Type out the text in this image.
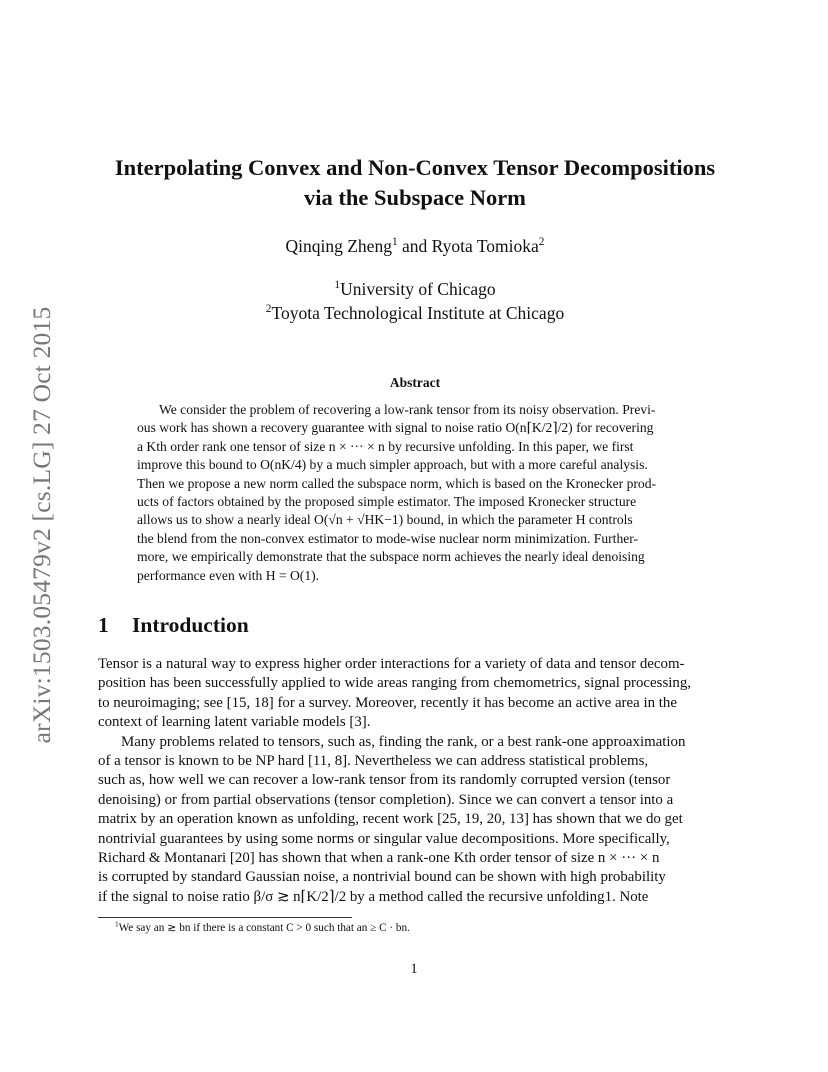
arXiv:1503.05479v2 [cs.LG] 27 Oct 2015
Interpolating Convex and Non-Convex Tensor Decompositions
via the Subspace Norm
Qinqing Zheng$^1$ and Ryota Tomioka$^2$
$^1$University of Chicago
$^2$Toyota Technological Institute at Chicago
Abstract
We consider the problem of recovering a low-rank tensor from its noisy observation. Previ-
ous work has shown a recovery guarantee with signal to noise ratio O(n⌈K/2⌉/2) for recovering
a Kth order rank one tensor of size n × ··· × n by recursive unfolding. In this paper, we first
improve this bound to O(nK/4) by a much simpler approach, but with a more careful analysis.
Then we propose a new norm called the subspace norm, which is based on the Kronecker prod-
ucts of factors obtained by the proposed simple estimator. The imposed Kronecker structure
allows us to show a nearly ideal O(√n + √HK−1) bound, in which the parameter H controls
the blend from the non-convex estimator to mode-wise nuclear norm minimization. Further-
more, we empirically demonstrate that the subspace norm achieves the nearly ideal denoising
performance even with H = O(1).
1 Introduction
Tensor is a natural way to express higher order interactions for a variety of data and tensor decom-
position has been successfully applied to wide areas ranging from chemometrics, signal processing,
to neuroimaging; see [15, 18] for a survey. Moreover, recently it has become an active area in the
context of learning latent variable models [3].
Many problems related to tensors, such as, finding the rank, or a best rank-one approaximation
of a tensor is known to be NP hard [11, 8]. Nevertheless we can address statistical problems,
such as, how well we can recover a low-rank tensor from its randomly corrupted version (tensor
denoising) or from partial observations (tensor completion). Since we can convert a tensor into a
matrix by an operation known as unfolding, recent work [25, 19, 20, 13] has shown that we do get
nontrivial guarantees by using some norms or singular value decompositions. More specifically,
Richard & Montanari [20] has shown that when a rank-one Kth order tensor of size n × ··· × n
is corrupted by standard Gaussian noise, a nontrivial bound can be shown with high probability
if the signal to noise ratio β/σ ≳ n⌈K/2⌉/2 by a method called the recursive unfolding1. Note
$^1$We say an ≳ bn if there is a constant C > 0 such that an ≥ C · bn.
1
